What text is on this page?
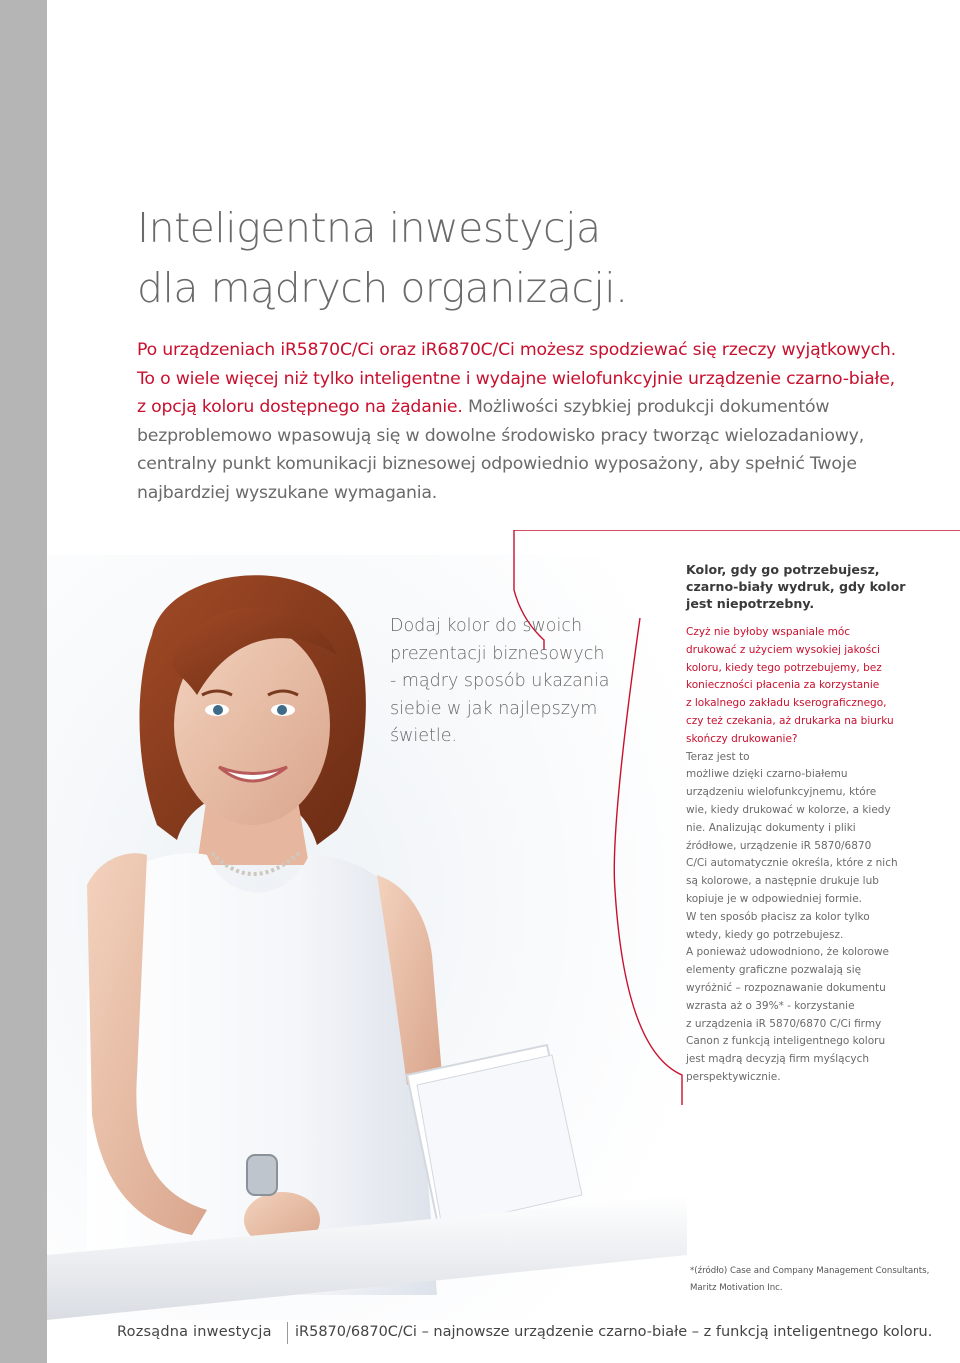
Inteligentna inwestycja
dla mądrych organizacji.

Po urządzeniach iR5870C/Ci oraz iR6870C/Ci możesz spodziewać się rzeczy wyjątkowych.
To o wiele więcej niż tylko inteligentne i wydajne wielofunkcyjnie urządzenie czarno-białe,
z opcją koloru dostępnego na żądanie. Możliwości szybkiej produkcji dokumentów
bezproblemowo wpasowują się w dowolne środowisko pracy tworząc wielozadaniowy,
centralny punkt komunikacji biznesowej odpowiednio wyposażony, aby spełnić Twoje
najbardziej wyszukane wymagania.

Dodaj kolor do swoich
prezentacji biznesowych
- mądry sposób ukazania
siebie w jak najlepszym
świetle.

Kolor, gdy go potrzebujesz,
czarno-biały wydruk, gdy kolor
jest niepotrzebny.

Czyż nie byłoby wspaniale móc
drukować z użyciem wysokiej jakości
koloru, kiedy tego potrzebujemy, bez
konieczności płacenia za korzystanie
z lokalnego zakładu kserograficznego,
czy też czekania, aż drukarka na biurku
skończy drukowanie?
Teraz jest to
możliwe dzięki czarno-białemu
urządzeniu wielofunkcyjnemu, które
wie, kiedy drukować w kolorze, a kiedy
nie. Analizując dokumenty i pliki
źródłowe, urządzenie iR 5870/6870
C/Ci automatycznie określa, które z nich
są kolorowe, a następnie drukuje lub
kopiuje je w odpowiedniej formie.
W ten sposób płacisz za kolor tylko
wtedy, kiedy go potrzebujesz.
A ponieważ udowodniono, że kolorowe
elementy graficzne pozwalają się
wyróżnić – rozpoznawanie dokumentu
wzrasta aż o 39%* - korzystanie
z urządzenia iR 5870/6870 C/Ci firmy
Canon z funkcją inteligentnego koloru
jest mądrą decyzją firm myślących
perspektywicznie.

*(źródło) Case and Company Management Consultants,
Maritz Motivation Inc.
Rozsądna inwestycja iR5870/6870C/Ci – najnowsze urządzenie czarno-białe – z funkcją inteligentnego koloru.
